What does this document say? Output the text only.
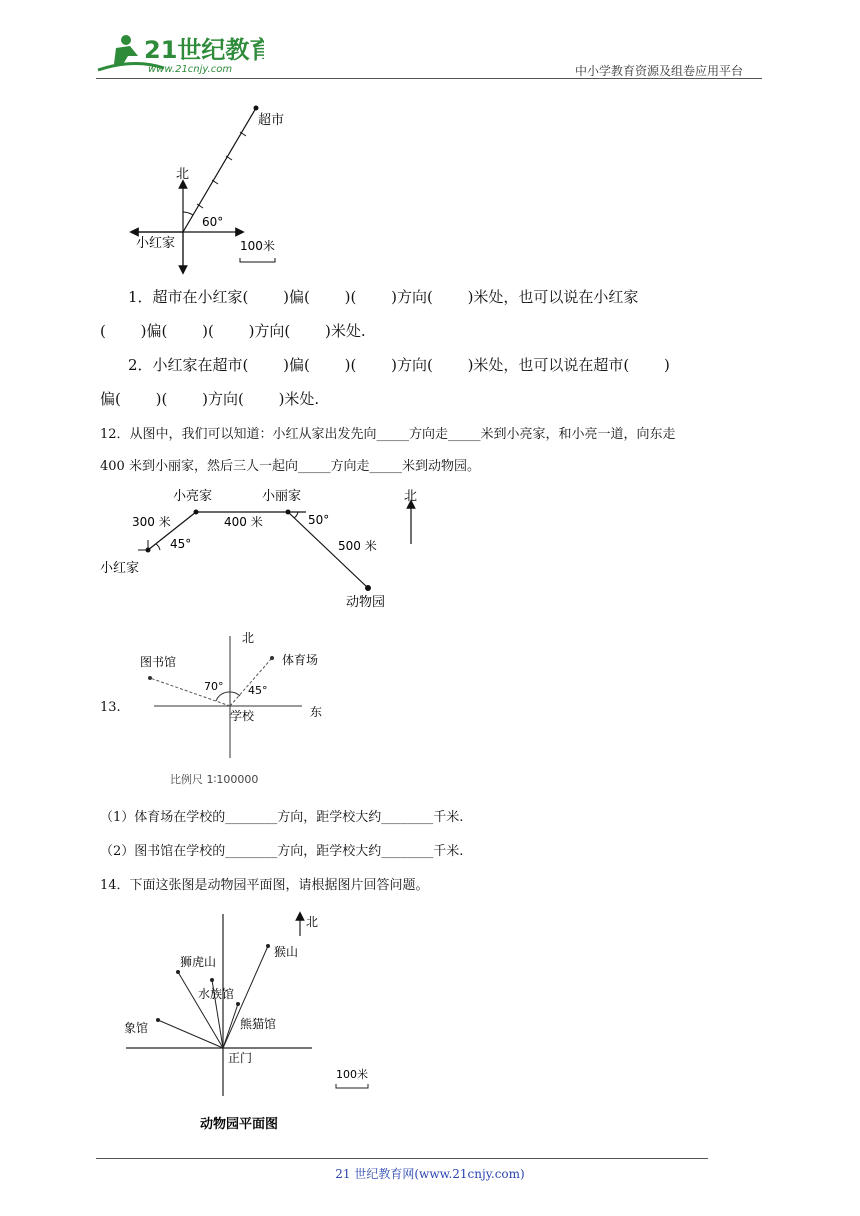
21世纪教育
www.21cnjy.com	中小学教育资源及组卷应用平台
北
超市
小红家
60°
100米
1．超市在小红家(　　 )偏(　　 )(　　 )方向(　　 )米处，也可以说在小红家
(　　 )偏(　　 )(　　 )方向(　　 )米处.
2．小红家在超市(　　 )偏(　　 )(　　 )方向(　　 )米处，也可以说在超市(　　 )
偏(　　 )(　　 )方向(　　 )米处.
12．从图中，我们可以知道：小红从家出发先向_____方向走_____米到小亮家，和小亮一道，向东走
400 米到小丽家，然后三人一起向_____方向走_____米到动物园。
小亮家	小丽家
小红家
动物园
300 米	400 米
500 米
45°
50°
北
13.
北
东
图书馆	体育场
学校
70° 45°
比例尺 1∶100000
（1）体育场在学校的________方向，距学校大约________千米.
（2）图书馆在学校的________方向，距学校大约________千米.
14．下面这张图是动物园平面图，请根据图片回答问题。
北
狮虎山
水族馆
猴山
象馆	熊猫馆
正门
100米
动物园平面图
21 世纪教育网(www.21cnjy.com)
